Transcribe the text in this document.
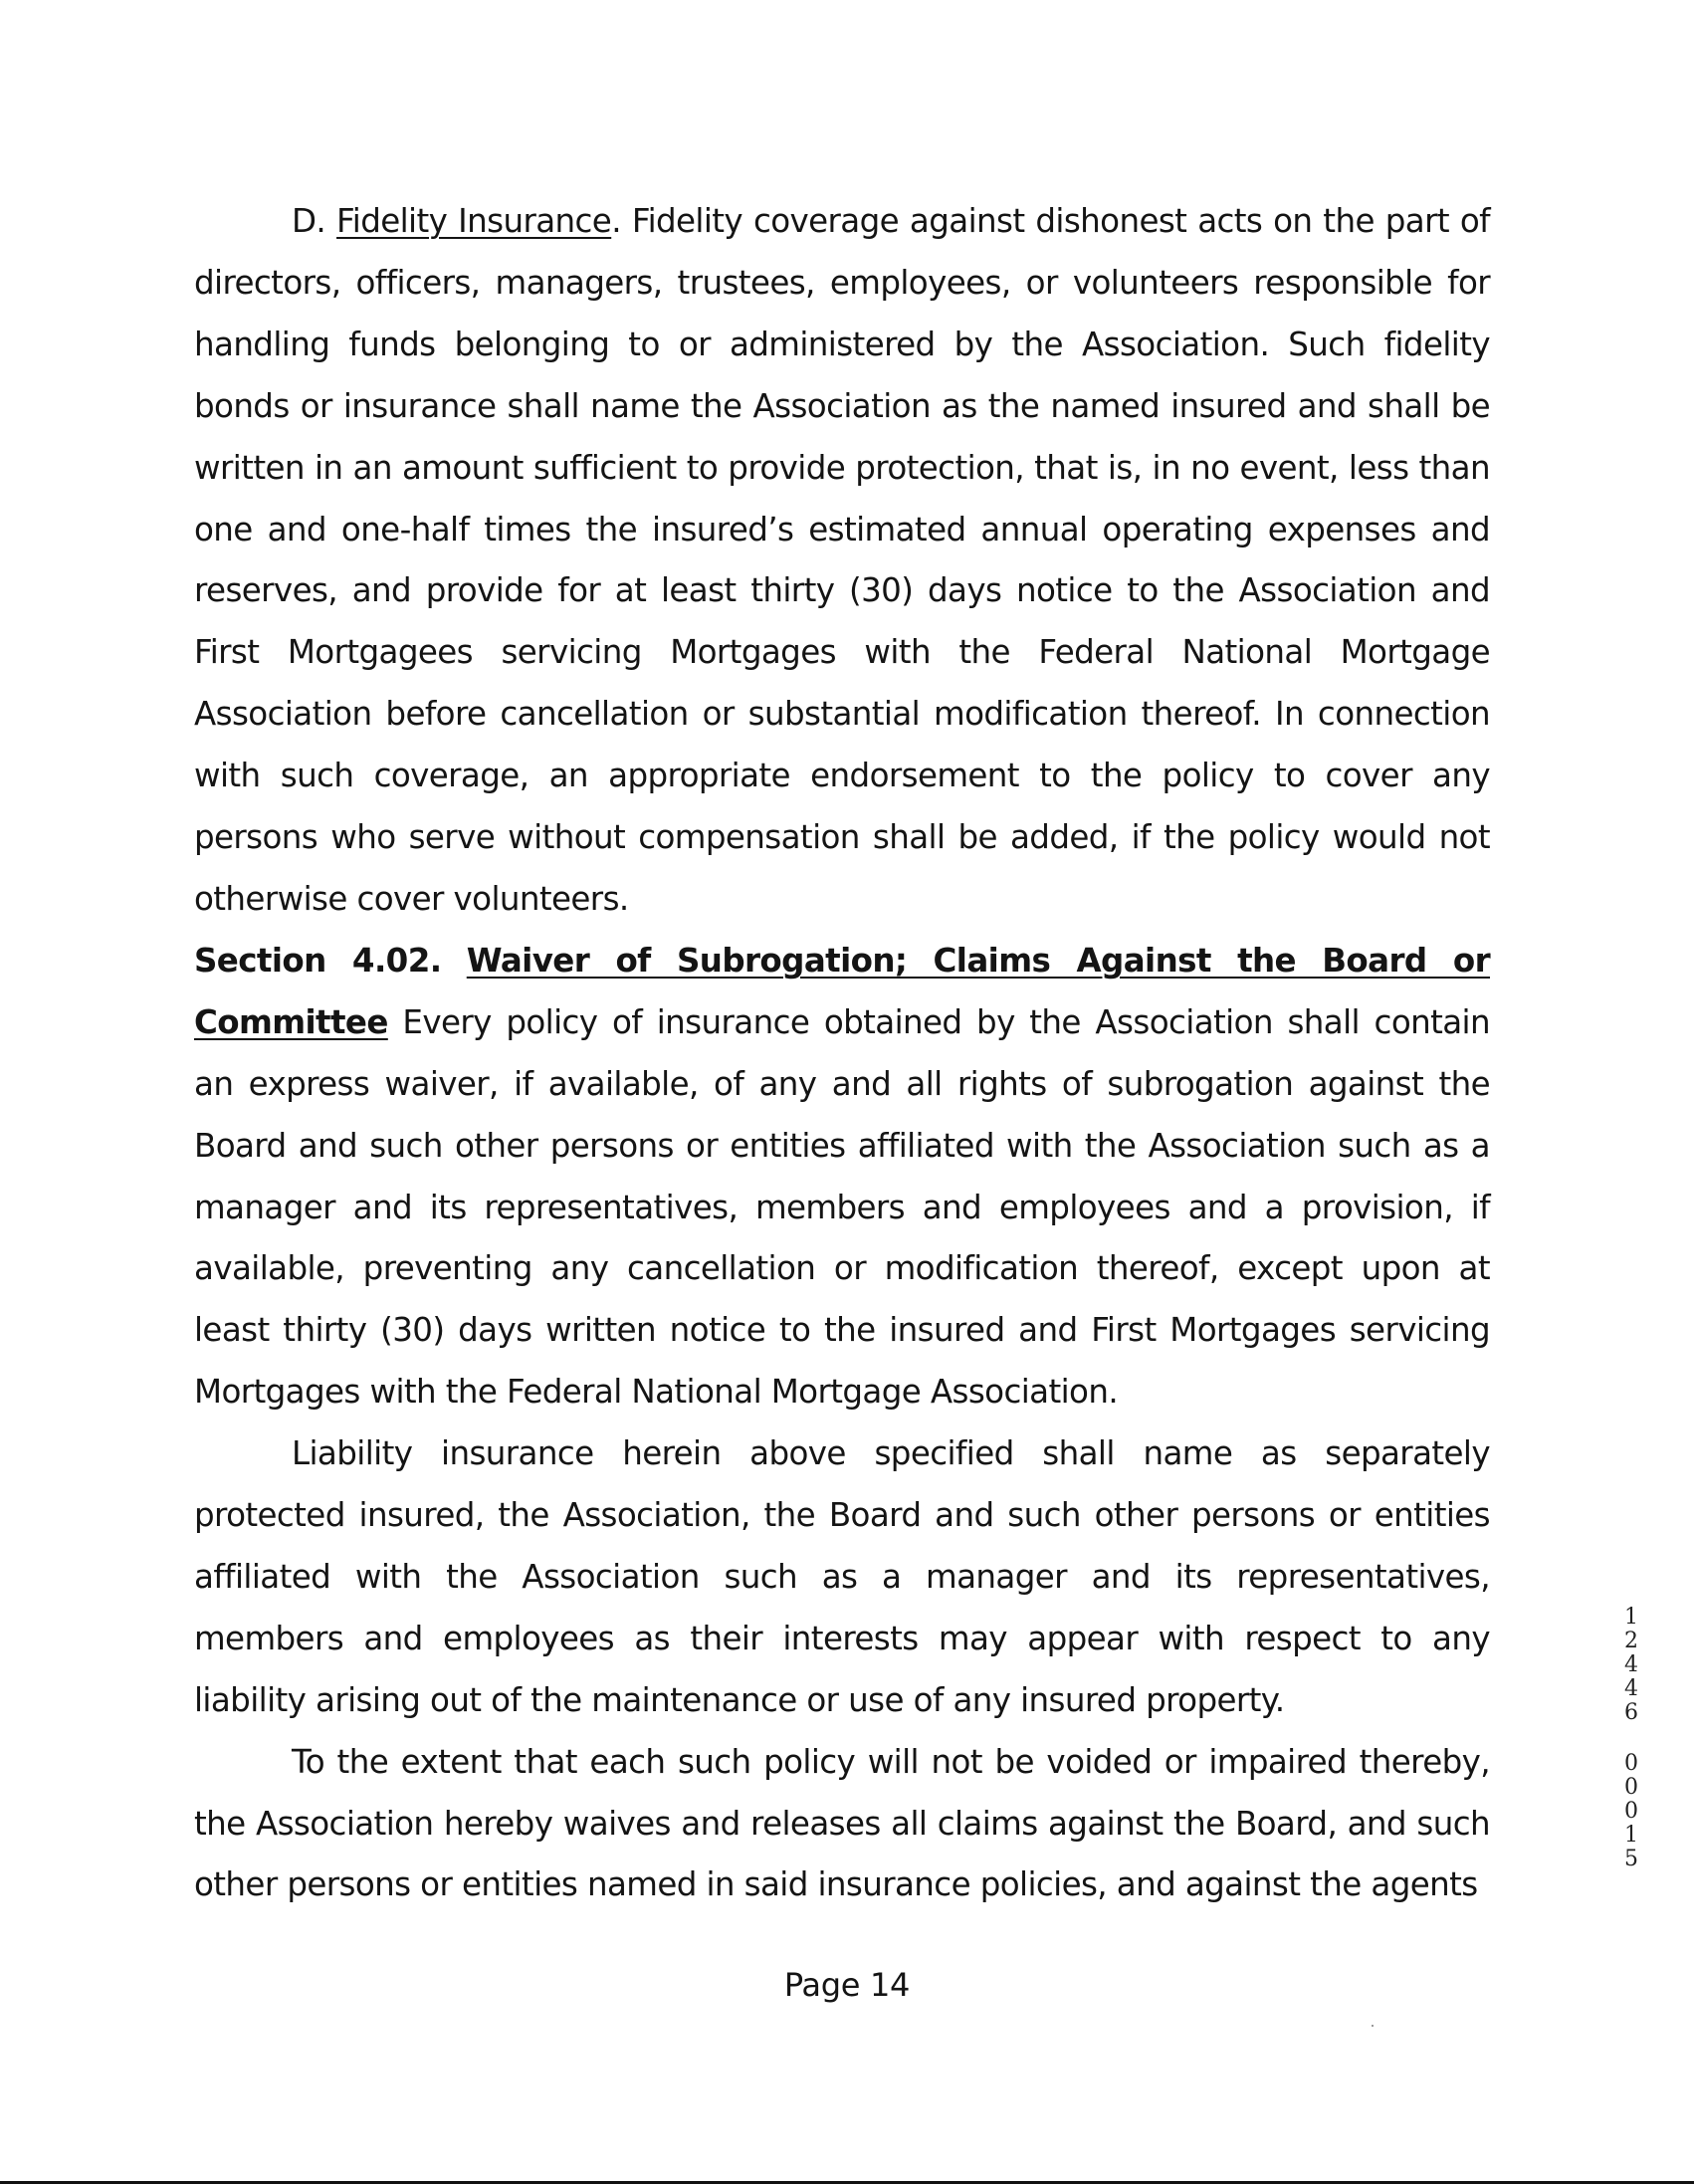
D. Fidelity Insurance. Fidelity coverage against dishonest acts on the part of directors, officers, managers, trustees, employees, or volunteers responsible for handling funds belonging to or administered by the Association. Such fidelity bonds or insurance shall name the Association as the named insured and shall be written in an amount sufficient to provide protection, that is, in no event, less than one and one-half times the insured’s estimated annual operating expenses and reserves, and provide for at least thirty (30) days notice to the Association and First Mortgagees servicing Mortgages with the Federal National Mortgage Association before cancellation or substantial modification thereof. In connection with such coverage, an appropriate endorsement to the policy to cover any persons who serve without compensation shall be added, if the policy would not otherwise cover volunteers.

Section 4.02. Waiver of Subrogation; Claims Against the Board or Committee Every policy of insurance obtained by the Association shall contain an express waiver, if available, of any and all rights of subrogation against the Board and such other persons or entities affiliated with the Association such as a manager and its representatives, members and employees and a provision, if available, preventing any cancellation or modification thereof, except upon at least thirty (30) days written notice to the insured and First Mortgages servicing Mortgages with the Federal National Mortgage Association.

Liability insurance herein above specified shall name as separately protected insured, the Association, the Board and such other persons or entities affiliated with the Association such as a manager and its representatives, members and employees as their interests may appear with respect to any liability arising out of the maintenance or use of any insured property.

To the extent that each such policy will not be voided or impaired thereby, the Association hereby waives and releases all claims against the Board, and such other persons or entities named in said insurance policies, and against the agents

Page 14
1
2
4
4
6
0
0
0
1
5
